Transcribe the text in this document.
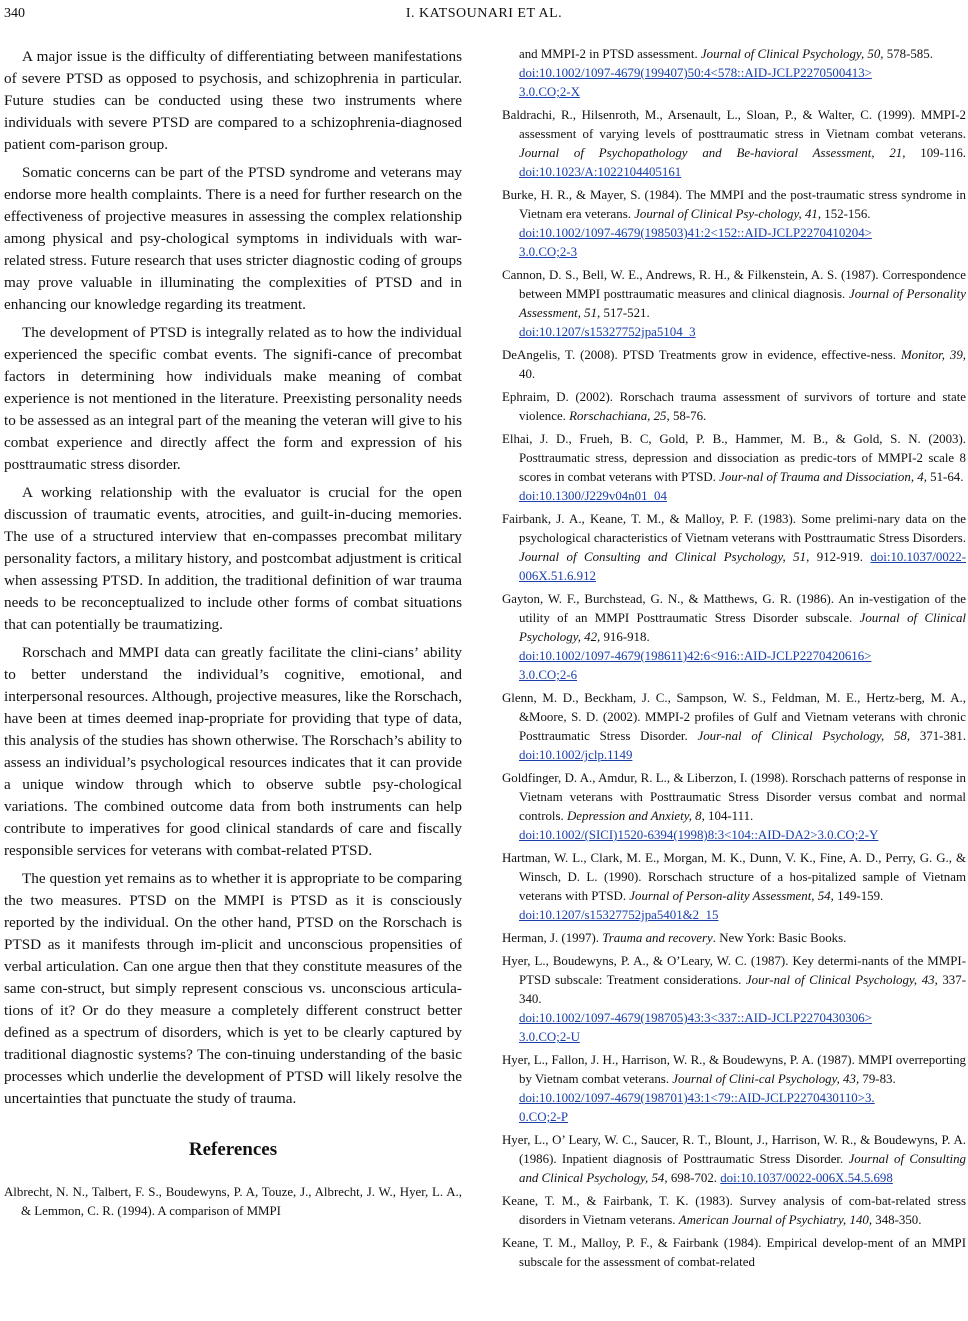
340	I. KATSOUNARI ET AL.

A major issue is the difficulty of differentiating between manifestations of severe PTSD as opposed to psychosis, and schizophrenia in particular. Future studies can be conducted using these two instruments where individuals with severe PTSD are compared to a schizophrenia-diagnosed patient com-parison group.

Somatic concerns can be part of the PTSD syndrome and veterans may endorse more health complaints. There is a need for further research on the effectiveness of projective measures in assessing the complex relationship among physical and psy-chological symptoms in individuals with war-related stress. Future research that uses stricter diagnostic coding of groups may prove valuable in illuminating the complexities of PTSD and in enhancing our knowledge regarding its treatment.

The development of PTSD is integrally related as to how the individual experienced the specific combat events. The signifi-cance of precombat factors in determining how individuals make meaning of combat experience is not mentioned in the literature. Preexisting personality needs to be assessed as an integral part of the meaning the veteran will give to his combat experience and directly affect the form and expression of his posttraumatic stress disorder.

A working relationship with the evaluator is crucial for the open discussion of traumatic events, atrocities, and guilt-in-ducing memories. The use of a structured interview that en-compasses precombat military personality factors, a military history, and postcombat adjustment is critical when assessing PTSD. In addition, the traditional definition of war trauma needs to be reconceptualized to include other forms of combat situations that can potentially be traumatizing.

Rorschach and MMPI data can greatly facilitate the clini-cians’ ability to better understand the individual’s cognitive, emotional, and interpersonal resources. Although, projective measures, like the Rorschach, have been at times deemed inap-propriate for providing that type of data, this analysis of the studies has shown otherwise. The Rorschach’s ability to assess an individual’s psychological resources indicates that it can provide a unique window through which to observe subtle psy-chological variations. The combined outcome data from both instruments can help contribute to imperatives for good clinical standards of care and fiscally responsible services for veterans with combat-related PTSD.

The question yet remains as to whether it is appropriate to be comparing the two measures. PTSD on the MMPI is PTSD as it is consciously reported by the individual. On the other hand, PTSD on the Rorschach is PTSD as it manifests through im-plicit and unconscious propensities of verbal articulation. Can one argue then that they constitute measures of the same con-struct, but simply represent conscious vs. unconscious articula-tions of it? Or do they measure a completely different construct better defined as a spectrum of disorders, which is yet to be clearly captured by traditional diagnostic systems? The con-tinuing understanding of the basic processes which underlie the development of PTSD will likely resolve the uncertainties that punctuate the study of trauma.

References

Albrecht, N. N., Talbert, F. S., Boudewyns, P. A, Touze, J., Albrecht, J. W., Hyer, L. A., & Lemmon, C. R. (1994). A comparison of MMPI

and MMPI-2 in PTSD assessment. Journal of Clinical Psychology, 50, 578-585.
doi:10.1002/1097-4679(199407)50:4<578::AID-JCLP2270500413>
3.0.CO;2-X

Baldrachi, R., Hilsenroth, M., Arsenault, L., Sloan, P., & Walter, C. (1999). MMPI-2 assessment of varying levels of posttraumatic stress in Vietnam combat veterans. Journal of Psychopathology and Be-havioral Assessment, 21, 109-116. doi:10.1023/A:1022104405161

Burke, H. R., & Mayer, S. (1984). The MMPI and the post-traumatic stress syndrome in Vietnam era veterans. Journal of Clinical Psy-chology, 41, 152-156.
doi:10.1002/1097-4679(198503)41:2<152::AID-JCLP2270410204>
3.0.CO;2-3

Cannon, D. S., Bell, W. E., Andrews, R. H., & Filkenstein, A. S. (1987). Correspondence between MMPI posttraumatic measures and clinical diagnosis. Journal of Personality Assessment, 51, 517-521.
doi:10.1207/s15327752jpa5104_3

DeAngelis, T. (2008). PTSD Treatments grow in evidence, effective-ness. Monitor, 39, 40.

Ephraim, D. (2002). Rorschach trauma assessment of survivors of torture and state violence. Rorschachiana, 25, 58-76.

Elhai, J. D., Frueh, B. C, Gold, P. B., Hammer, M. B., & Gold, S. N. (2003). Posttraumatic stress, depression and dissociation as predic-tors of MMPI-2 scale 8 scores in combat veterans with PTSD. Jour-nal of Trauma and Dissociation, 4, 51-64.
doi:10.1300/J229v04n01_04

Fairbank, J. A., Keane, T. M., & Malloy, P. F. (1983). Some prelimi-nary data on the psychological characteristics of Vietnam veterans with Posttraumatic Stress Disorders. Journal of Consulting and Clinical Psychology, 51, 912-919. doi:10.1037/0022-006X.51.6.912

Gayton, W. F., Burchstead, G. N., & Matthews, G. R. (1986). An in-vestigation of the utility of an MMPI Posttraumatic Stress Disorder subscale. Journal of Clinical Psychology, 42, 916-918.
doi:10.1002/1097-4679(198611)42:6<916::AID-JCLP2270420616>
3.0.CO;2-6

Glenn, M. D., Beckham, J. C., Sampson, W. S., Feldman, M. E., Hertz-berg, M. A., &Moore, S. D. (2002). MMPI-2 profiles of Gulf and Vietnam veterans with chronic Posttraumatic Stress Disorder. Jour-nal of Clinical Psychology, 58, 371-381. doi:10.1002/jclp.1149

Goldfinger, D. A., Amdur, R. L., & Liberzon, I. (1998). Rorschach patterns of response in Vietnam veterans with Posttraumatic Stress Disorder versus combat and normal controls. Depression and Anxiety, 8, 104-111.
doi:10.1002/(SICI)1520-6394(1998)8:3<104::AID-DA2>3.0.CO;2-Y

Hartman, W. L., Clark, M. E., Morgan, M. K., Dunn, V. K., Fine, A. D., Perry, G. G., & Winsch, D. L. (1990). Rorschach structure of a hos-pitalized sample of Vietnam veterans with PTSD. Journal of Person-ality Assessment, 54, 149-159.
doi:10.1207/s15327752jpa5401&2_15

Herman, J. (1997). Trauma and recovery. New York: Basic Books.

Hyer, L., Boudewyns, P. A., & O’Leary, W. C. (1987). Key determi-nants of the MMPI- PTSD subscale: Treatment considerations. Jour-nal of Clinical Psychology, 43, 337-340.
doi:10.1002/1097-4679(198705)43:3<337::AID-JCLP2270430306>
3.0.CO;2-U

Hyer, L., Fallon, J. H., Harrison, W. R., & Boudewyns, P. A. (1987). MMPI overreporting by Vietnam combat veterans. Journal of Clini-cal Psychology, 43, 79-83.
doi:10.1002/1097-4679(198701)43:1<79::AID-JCLP2270430110>3.
0.CO;2-P

Hyer, L., O’ Leary, W. C., Saucer, R. T., Blount, J., Harrison, W. R., & Boudewyns, P. A. (1986). Inpatient diagnosis of Posttraumatic Stress Disorder. Journal of Consulting and Clinical Psychology, 54, 698-702. doi:10.1037/0022-006X.54.5.698

Keane, T. M., & Fairbank, T. K. (1983). Survey analysis of com-bat-related stress disorders in Vietnam veterans. American Journal of Psychiatry, 140, 348-350.

Keane, T. M., Malloy, P. F., & Fairbank (1984). Empirical develop-ment of an MMPI subscale for the assessment of combat-related
